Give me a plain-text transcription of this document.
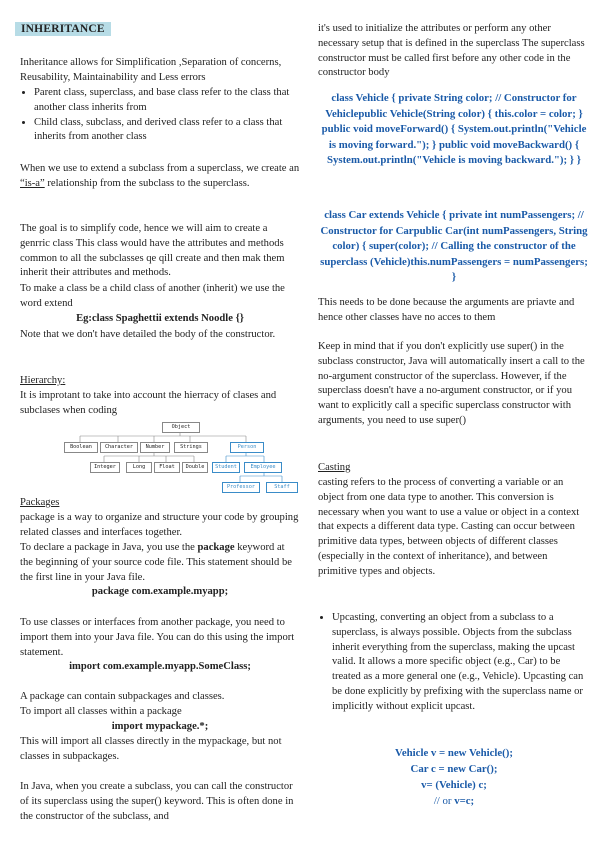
INHERITANCE

Inheritance allows for Simplification ,Separation of concerns, Reusability, Maintainability and Less errors

• Parent class, superclass, and base class refer to the class that another class inherits from
• Child class, subclass, and derived class refer to a class that inherits from another class

When we use to extend a subclass from a superclass, we create an “is-a” relationship from the subclass to the superclass.

The goal is to simplify code, hence we will aim to create a genrric class This class would have the attributes and methods common to all the subclasses qe qill create and then mak them inherit their attributes and methods.

To make a class be a child class of another (inherit) we use the word extend

Eg:class Spaghettii extends Noodle {}

Note that we don't have detailed the body of the constructor.

Hierarchy:

It is improtant to take into account the hierracy of clases and subclases when coding

Object
Boolean	Character	Number	Strings	Person
Integer	Long	Float	Double	Student	Employee
Professor	Staff

Packages

package is a way to organize and structure your code by grouping related classes and interfaces together.

To declare a package in Java, you use the package keyword at the beginning of your source code file. This statement should be the first line in your Java file.

package com.example.myapp;

To use classes or interfaces from another package, you need to import them into your Java file. You can do this using the import statement.

import com.example.myapp.SomeClass;

A package can contain subpackages and classes.

To import all classes within a package

import mypackage.*;

This will import all classes directly in the mypackage, but not classes in subpackages.

In Java, when you create a subclass, you can call the constructor of its superclass using the super() keyword. This is often done in the constructor of the subclass, and

it's used to initialize the attributes or perform any other necessary setup that is defined in the superclass The superclass constructor must be called first before any other code in the constructor body

class Vehicle { private String color; // Constructor for Vehiclepublic Vehicle(String color) { this.color = color; } public void moveForward() { System.out.println("Vehicle is moving forward."); } public void moveBackward() { System.out.println("Vehicle is moving backward."); } }

class Car extends Vehicle { private int numPassengers; // Constructor for Carpublic Car(int numPassengers, String color) { super(color); // Calling the constructor of the superclass (Vehicle)this.numPassengers = numPassengers; }

This needs to be done because the arguments are priavte and hence other classes have no acces to them

Keep in mind that if you don't explicitly use super() in the subclass constructor, Java will automatically insert a call to the no-argument constructor of the superclass. However, if the superclass doesn't have a no-argument constructor, or if you want to explicitly call a specific superclass constructor with arguments, you need to use super()

Casting

casting refers to the process of converting a variable or an object from one data type to another. This conversion is necessary when you want to use a value or object in a context that expects a different data type. Casting can occur between primitive data types, between objects of different classes (especially in the context of inheritance), and between primitive types and objects.

• Upcasting, converting an object from a subclass to a superclass, is always possible. Objects from the subclass inherit everything from the superclass, making the upcast valid. It allows a more specific object (e.g., Car) to be treated as a more general one (e.g., Vehicle). Upcasting can be done explicitly by prefixing with the superclass name or implicitly without explicit upcast.

Vehicle v = new Vehicle();

Car c = new Car();

v= (Vehicle) c;

// or v=c;
